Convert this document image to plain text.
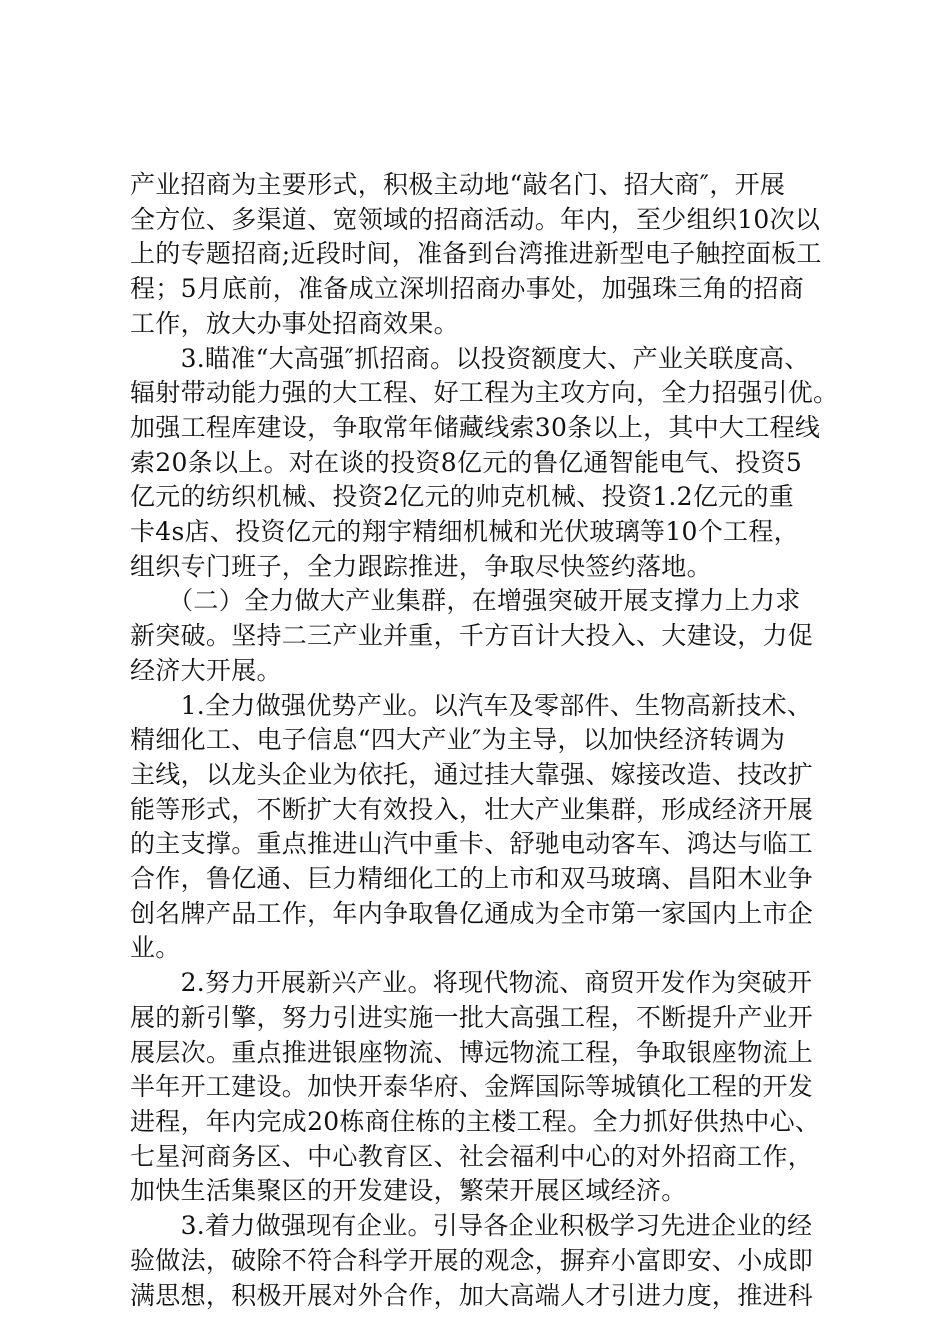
产业招商为主要形式，积极主动地“敲名门、招大商″，开展

全方位、多渠道、宽领域的招商活动。年内，至少组织10次以

上的专题招商;近段时间，准备到台湾推进新型电子触控面板工

程；5月底前，准备成立深圳招商办事处，加强珠三角的招商

工作，放大办事处招商效果。

　　3.瞄准“大高强″抓招商。以投资额度大、产业关联度高、

辐射带动能力强的大工程、好工程为主攻方向，全力招强引优。

加强工程库建设，争取常年储藏线索30条以上，其中大工程线

索20条以上。对在谈的投资8亿元的鲁亿通智能电气、投资5

亿元的纺织机械、投资2亿元的帅克机械、投资1.2亿元的重

卡4s店、投资亿元的翔宇精细机械和光伏玻璃等10个工程，

组织专门班子，全力跟踪推进，争取尽快签约落地。

　　（二）全力做大产业集群，在增强突破开展支撑力上力求

新突破。坚持二三产业并重，千方百计大投入、大建设，力促

经济大开展。

　　1.全力做强优势产业。以汽车及零部件、生物高新技术、

精细化工、电子信息“四大产业″为主导，以加快经济转调为

主线，以龙头企业为依托，通过挂大靠强、嫁接改造、技改扩

能等形式，不断扩大有效投入，壮大产业集群，形成经济开展

的主支撑。重点推进山汽中重卡、舒驰电动客车、鸿达与临工

合作，鲁亿通、巨力精细化工的上市和双马玻璃、昌阳木业争

创名牌产品工作，年内争取鲁亿通成为全市第一家国内上市企

业。

　　2.努力开展新兴产业。将现代物流、商贸开发作为突破开

展的新引擎，努力引进实施一批大高强工程，不断提升产业开

展层次。重点推进银座物流、博远物流工程，争取银座物流上

半年开工建设。加快开泰华府、金辉国际等城镇化工程的开发

进程，年内完成20栋商住栋的主楼工程。全力抓好供热中心、

七星河商务区、中心教育区、社会福利中心的对外招商工作，

加快生活集聚区的开发建设，繁荣开展区域经济。

　　3.着力做强现有企业。引导各企业积极学习先进企业的经

验做法，破除不符合科学开展的观念，摒弃小富即安、小成即

满思想，积极开展对外合作，加大高端人才引进力度，推进科
